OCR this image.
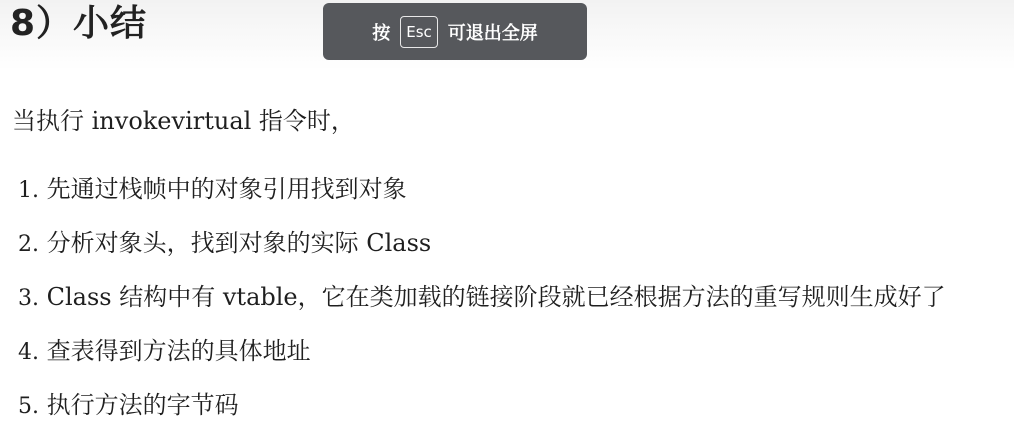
8）小结	按	Esc 可退出全屏
当执行 invokevirtual 指令时，
1. 先通过栈帧中的对象引用找到对象
2. 分析对象头，找到对象的实际 Class
3. Class 结构中有 vtable，它在类加载的链接阶段就已经根据方法的重写规则生成好了
4. 查表得到方法的具体地址
5. 执行方法的字节码
